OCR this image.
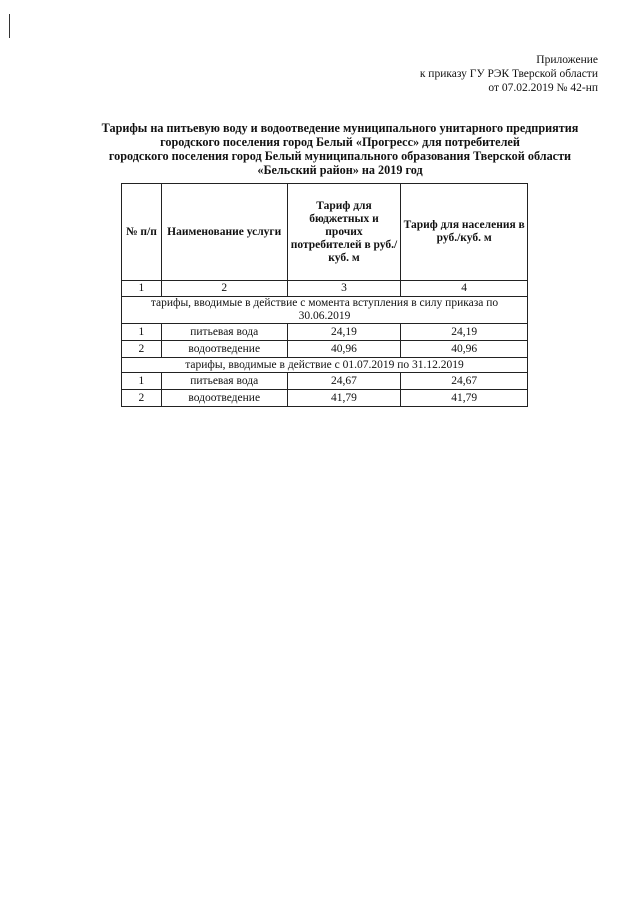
Приложение
к приказу ГУ РЭК Тверской области
от 07.02.2019 № 42-нп
Тарифы на питьевую воду и водоотведение муниципального унитарного предприятия
городского поселения город Белый «Прогресс» для потребителей
городского поселения город Белый муниципального образования Тверской области
«Бельский район» на 2019 год
№ п/п	Наименование услуги	Тариф для бюджетных и прочих потребителей в руб./куб. м	Тариф для населения в руб./куб. м
1	2	3	4
тарифы, вводимые в действие с момента вступления в силу приказа по 30.06.2019			
1	питьевая вода	24,19	24,19
2	водоотведение	40,96	40,96
тарифы, вводимые в действие с 01.07.2019 по 31.12.2019			
1	питьевая вода	24,67	24,67
2	водоотведение	41,79	41,79
